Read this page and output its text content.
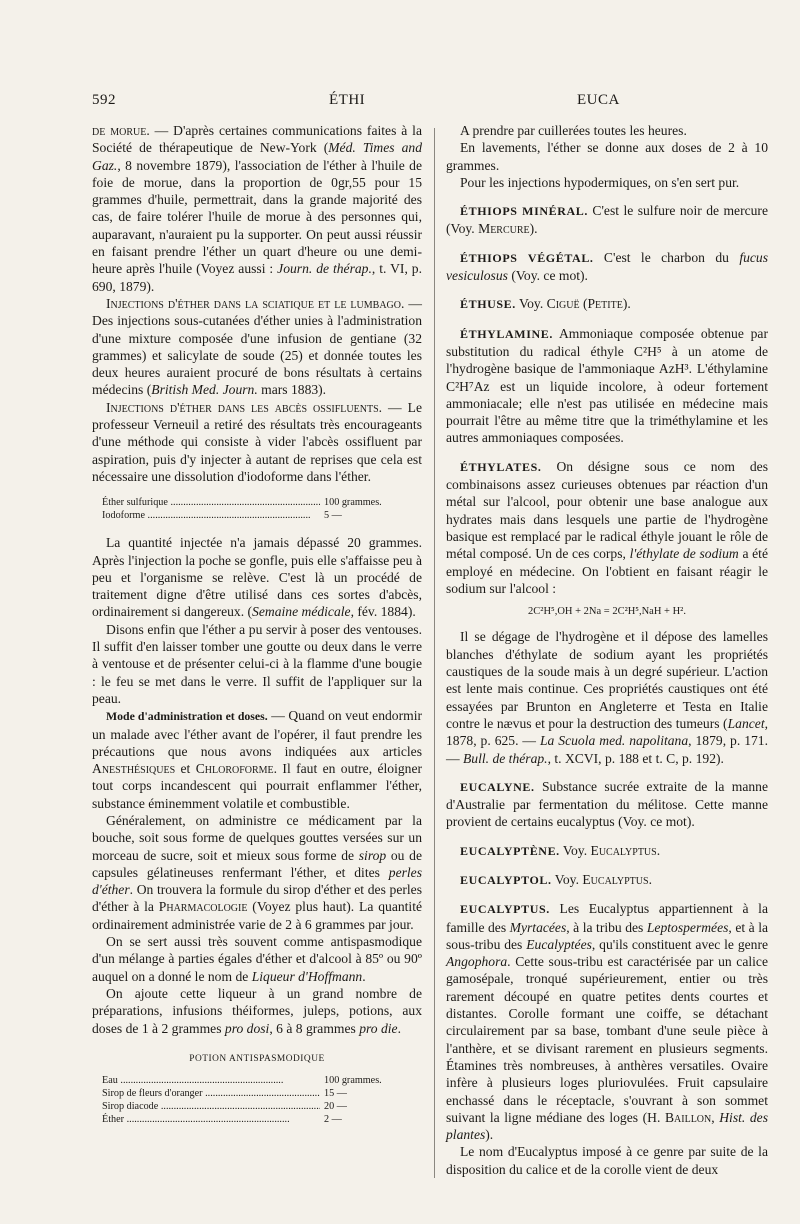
592	ÉTHI	EUCA

de morue. — D'après certaines communications faites à la Société de thérapeutique de New-York (Méd. Times and Gaz., 8 novembre 1879), l'association de l'éther à l'huile de foie de morue, dans la proportion de 0gr,55 pour 15 grammes d'huile, permettrait, dans la grande majorité des cas, de faire tolérer l'huile de morue à des personnes qui, auparavant, n'auraient pu la supporter. On peut aussi réussir en faisant prendre l'éther un quart d'heure ou une demi-heure après l'huile (Voyez aussi : Journ. de thérap., t. VI, p. 690, 1879).

Injections d'éther dans la sciatique et le lumbago. — Des injections sous-cutanées d'éther unies à l'administration d'une mixture composée d'une infusion de gentiane (32 grammes) et salicylate de soude (25) et donnée toutes les deux heures auraient procuré de bons résultats à certains médecins (British Med. Journ. mars 1883).

Injections d'éther dans les abcès ossifluents. — Le professeur Verneuil a retiré des résultats très encourageants d'une méthode qui consiste à vider l'abcès ossifluent par aspiration, puis d'y injecter à autant de reprises que cela est nécessaire une dissolution d'iodoforme dans l'éther.

Éther sulfurique .....	100 grammes.
Iodoforme .....	5 —

La quantité injectée n'a jamais dépassé 20 grammes. Après l'injection la poche se gonfle, puis elle s'affaisse peu à peu et l'organisme se relève. C'est là un procédé de traitement digne d'être utilisé dans ces sortes d'abcès, ordinairement si dangereux. (Semaine médicale, fév. 1884).

Disons enfin que l'éther a pu servir à poser des ventouses. Il suffit d'en laisser tomber une goutte ou deux dans le verre à ventouse et de présenter celui-ci à la flamme d'une bougie : le feu se met dans le verre. Il suffit de l'appliquer sur la peau.

Mode d'administration et doses. — Quand on veut endormir un malade avec l'éther avant de l'opérer, il faut prendre les précautions que nous avons indiquées aux articles Anesthésiques et Chloroforme. Il faut en outre, éloigner tout corps incandescent qui pourrait enflammer l'éther, substance éminemment volatile et combustible.

Généralement, on administre ce médicament par la bouche, soit sous forme de quelques gouttes versées sur un morceau de sucre, soit et mieux sous forme de sirop ou de capsules gélatineuses renfermant l'éther, et dites perles d'éther. On trouvera la formule du sirop d'éther et des perles d'éther à la Pharmacologie (Voyez plus haut). La quantité ordinairement administrée varie de 2 à 6 grammes par jour.

On se sert aussi très souvent comme antispasmodique d'un mélange à parties égales d'éther et d'alcool à 85º ou 90º auquel on a donné le nom de Liqueur d'Hoffmann.

On ajoute cette liqueur à un grand nombre de préparations, infusions théiformes, juleps, potions, aux doses de 1 à 2 grammes pro dosi, 6 à 8 grammes pro die.

POTION ANTISPASMODIQUE
Eau .....	100 grammes.
Sirop de fleurs d'oranger .....	15 —
Sirop diacode .....	20 —
Éther .....	2 —

A prendre par cuillerées toutes les heures.

En lavements, l'éther se donne aux doses de 2 à 10 grammes.

Pour les injections hypodermiques, on s'en sert pur.

ÉTHIOPS MINÉRAL. C'est le sulfure noir de mercure (Voy. Mercure).

ÉTHIOPS VÉGÉTAL. C'est le charbon du fucus vesiculosus (Voy. ce mot).

ÉTHUSE. Voy. Ciguë (Petite).

ÉTHYLAMINE. Ammoniaque composée obtenue par substitution du radical éthyle C²H⁵ à un atome de l'hydrogène basique de l'ammoniaque AzH³. L'éthylamine C²H⁷Az est un liquide incolore, à odeur fortement ammoniacale; elle n'est pas utilisée en médecine mais pourrait l'être au même titre que la triméthylamine et les autres ammoniaques composées.

ÉTHYLATES. On désigne sous ce nom des combinaisons assez curieuses obtenues par réaction d'un métal sur l'alcool, pour obtenir une base analogue aux hydrates mais dans lesquels une partie de l'hydrogène basique est remplacé par le radical éthyle jouant le rôle de métal composé. Un de ces corps, l'éthylate de sodium a été employé en médecine. On l'obtient en faisant réagir le sodium sur l'alcool :

2C²H⁵,OH + 2Na = 2C²H⁵,NaH + H².

Il se dégage de l'hydrogène et il dépose des lamelles blanches d'éthylate de sodium ayant les propriétés caustiques de la soude mais à un degré supérieur. L'action est lente mais continue. Ces propriétés caustiques ont été essayées par Brunton en Angleterre et Testa en Italie contre le nævus et pour la destruction des tumeurs (Lancet, 1878, p. 625. — La Scuola med. napolitana, 1879, p. 171. — Bull. de thérap., t. XCVI, p. 188 et t. C, p. 192).

EUCALYNE. Substance sucrée extraite de la manne d'Australie par fermentation du mélitose. Cette manne provient de certains eucalyptus (Voy. ce mot).

EUCALYPTÈNE. Voy. Eucalyptus.

EUCALYPTOL. Voy. Eucalyptus.

EUCALYPTUS. Les Eucalyptus appartiennent à la famille des Myrtacées, à la tribu des Leptospermées, et à la sous-tribu des Eucalyptées, qu'ils constituent avec le genre Angophora. Cette sous-tribu est caractérisée par un calice gamosépale, tronqué supérieurement, entier ou très rarement découpé en quatre petites dents courtes et distantes. Corolle formant une coiffe, se détachant circulairement par sa base, tombant d'une seule pièce à l'anthère, et se divisant rarement en plusieurs segments. Étamines très nombreuses, à anthères versatiles. Ovaire infère à plusieurs loges pluriovulées. Fruit capsulaire enchassé dans le réceptacle, s'ouvrant à son sommet suivant la ligne médiane des loges (H. Baillon, Hist. des plantes).

Le nom d'Eucalyptus imposé à ce genre par suite de la disposition du calice et de la corolle vient de deux
